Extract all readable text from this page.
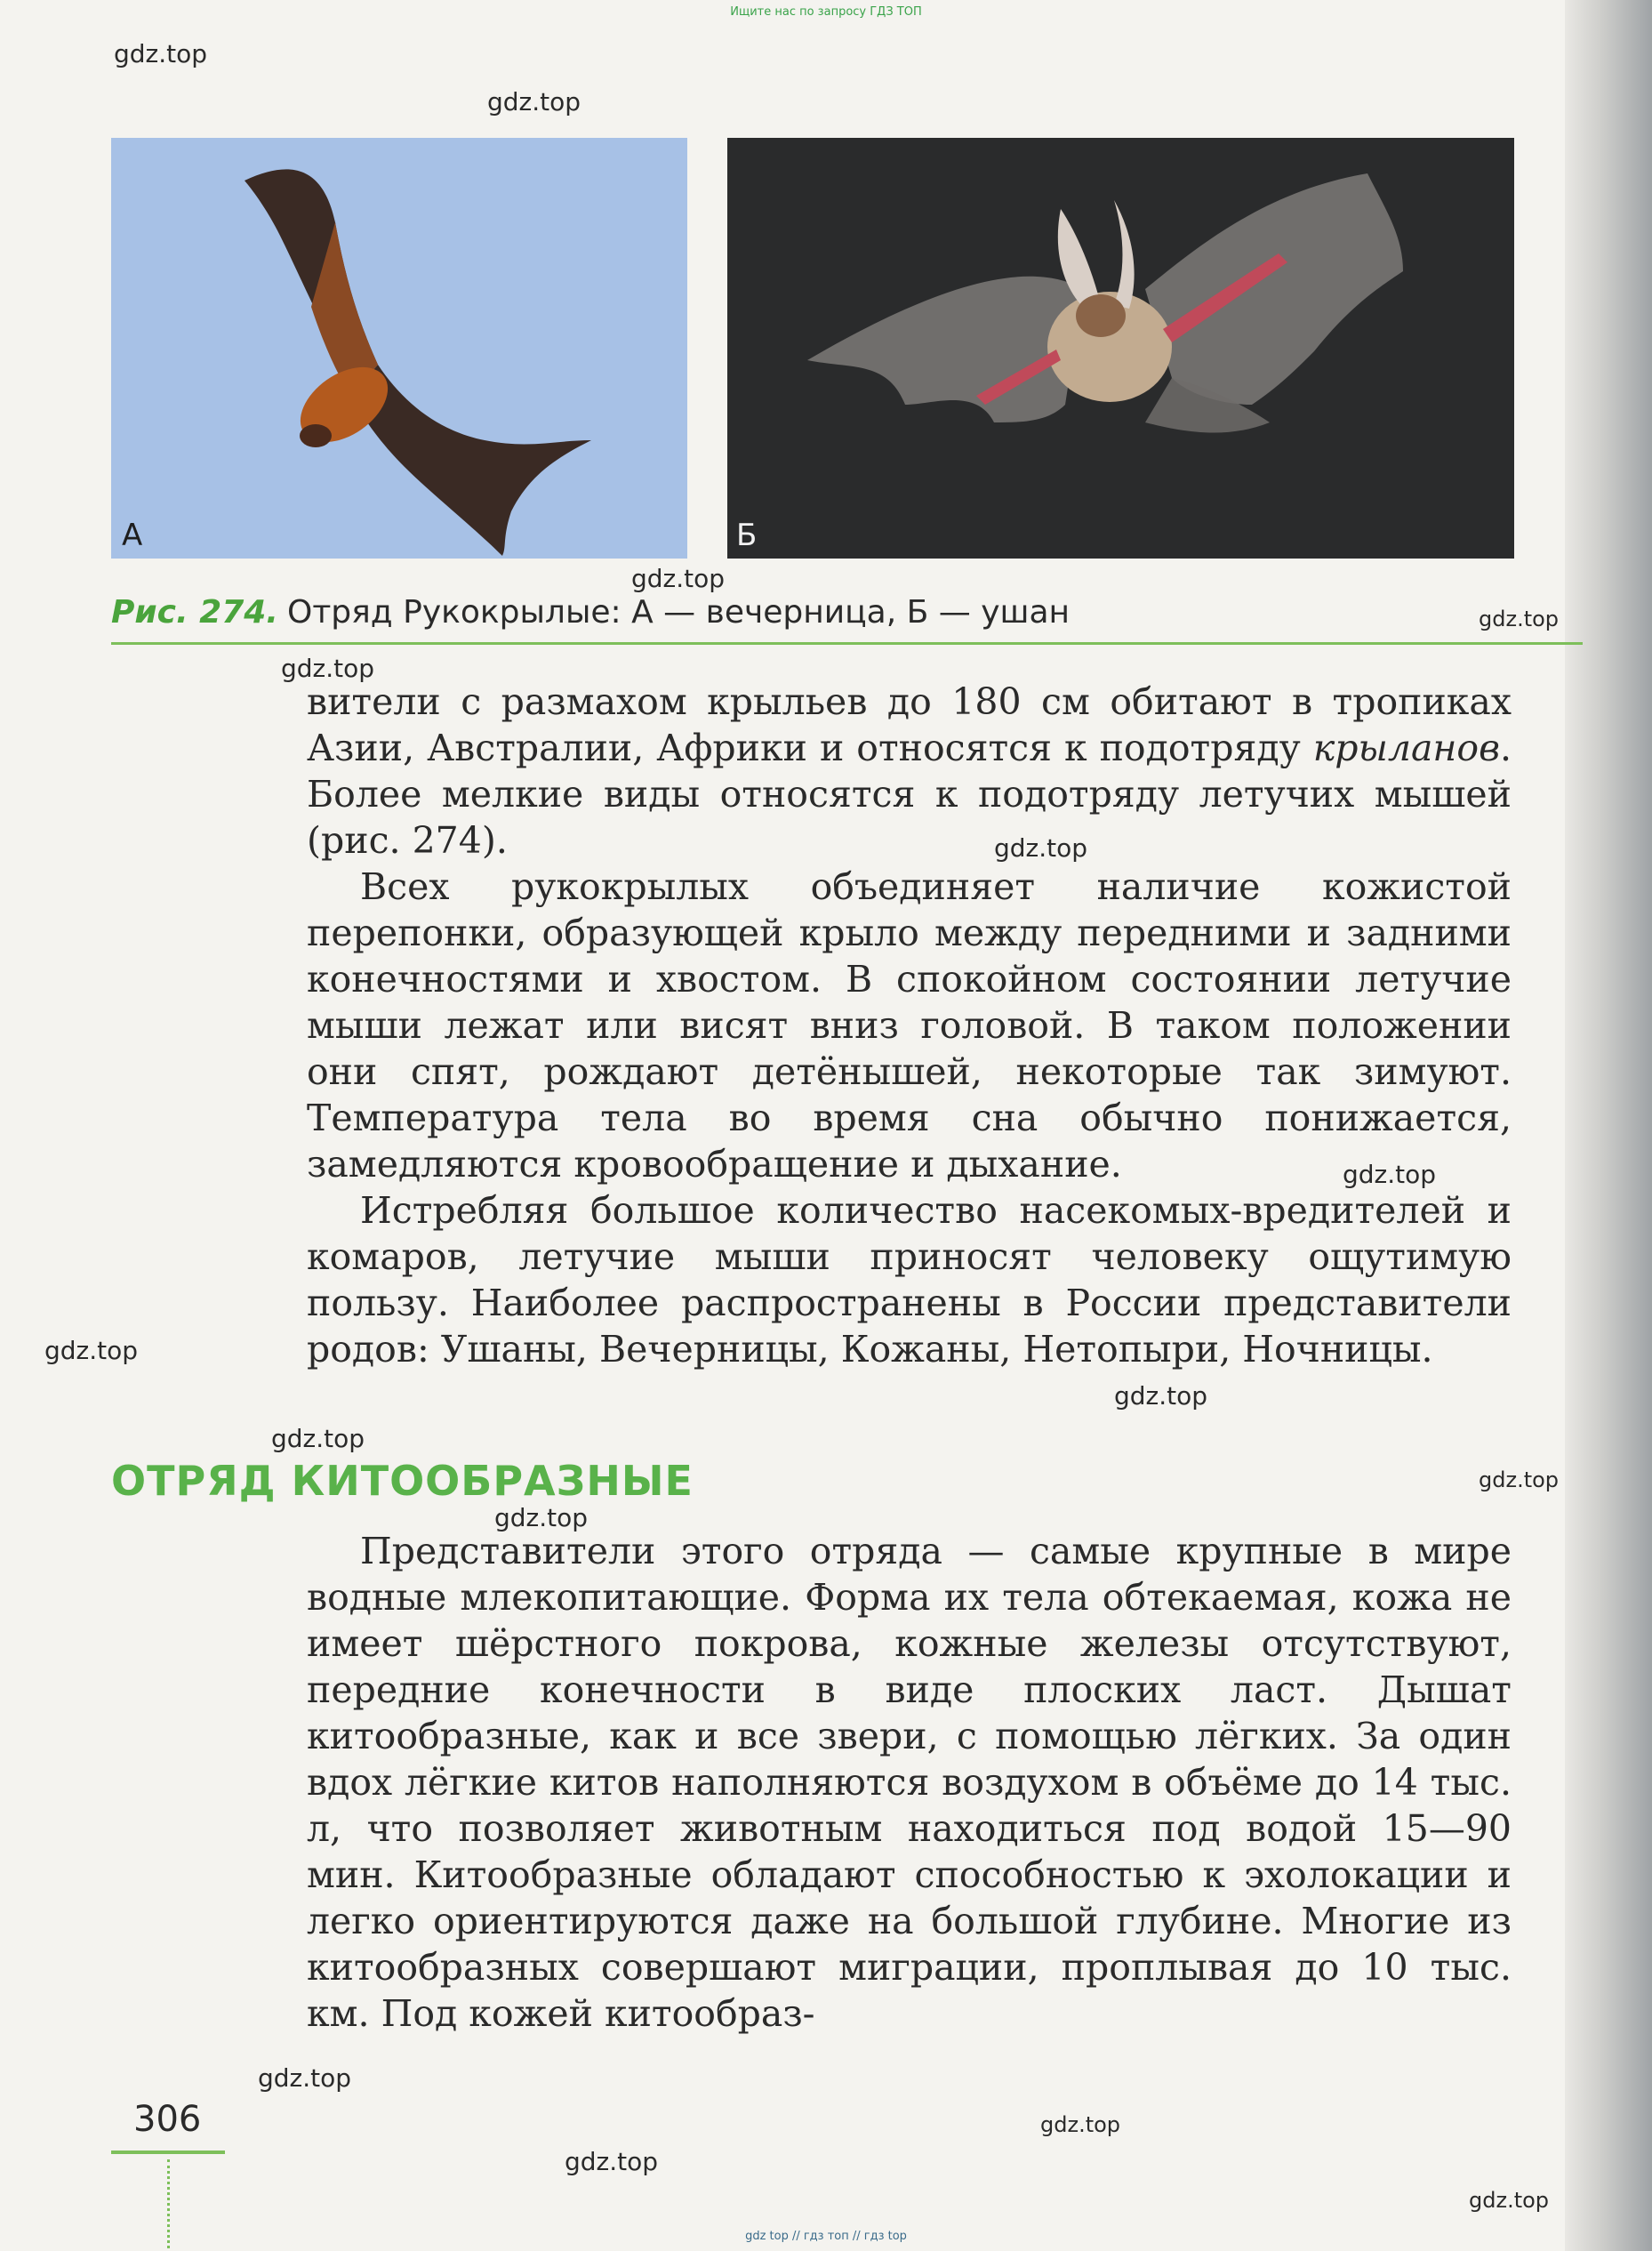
Ищите нас по запросу ГДЗ ТОП
gdz.top
gdz.top
gdz.top
gdz.top
gdz.top
gdz.top
gdz.top
gdz.top
gdz.top
gdz.top
gdz.top
gdz.top
gdz.top
gdz.top
gdz.top
gdz.top
А	Б
Рис. 274. Отряд Рукокрылые: А — вечерница, Б — ушан

вители с размахом крыльев до 180 см обитают в тропиках Азии, Австралии, Африки и относятся к подотряду крыланов. Более мелкие виды относятся к подотряду летучих мышей (рис. 274).

Всех рукокрылых объединяет наличие кожистой перепонки, образующей крыло между передними и задними конечностями и хвостом. В спокойном состоянии летучие мыши лежат или висят вниз головой. В таком положении они спят, рождают детёнышей, некоторые так зимуют. Температура тела во время сна обычно понижается, замедляются кровообращение и дыхание.

Истребляя большое количество насекомых-вредителей и комаров, летучие мыши приносят человеку ощутимую пользу. Наиболее распространены в России представители родов: Ушаны, Вечерницы, Кожаны, Нетопыри, Ночницы.

ОТРЯД КИТООБРАЗНЫЕ

Представители этого отряда — самые крупные в мире водные млекопитающие. Форма их тела обтекаемая, кожа не имеет шёрстного покрова, кожные железы отсутствуют, передние конечности в виде плоских ласт. Дышат китообразные, как и все звери, с помощью лёгких. За один вдох лёгкие китов наполняются воздухом в объёме до 14 тыс. л, что позволяет животным находиться под водой 15—90 мин. Китообразные обладают способностью к эхолокации и легко ориентируются даже на большой глубине. Многие из китообразных совершают миграции, проплывая до 10 тыс. км. Под кожей китообраз-

306
gdz top // гдз топ // гдз top
